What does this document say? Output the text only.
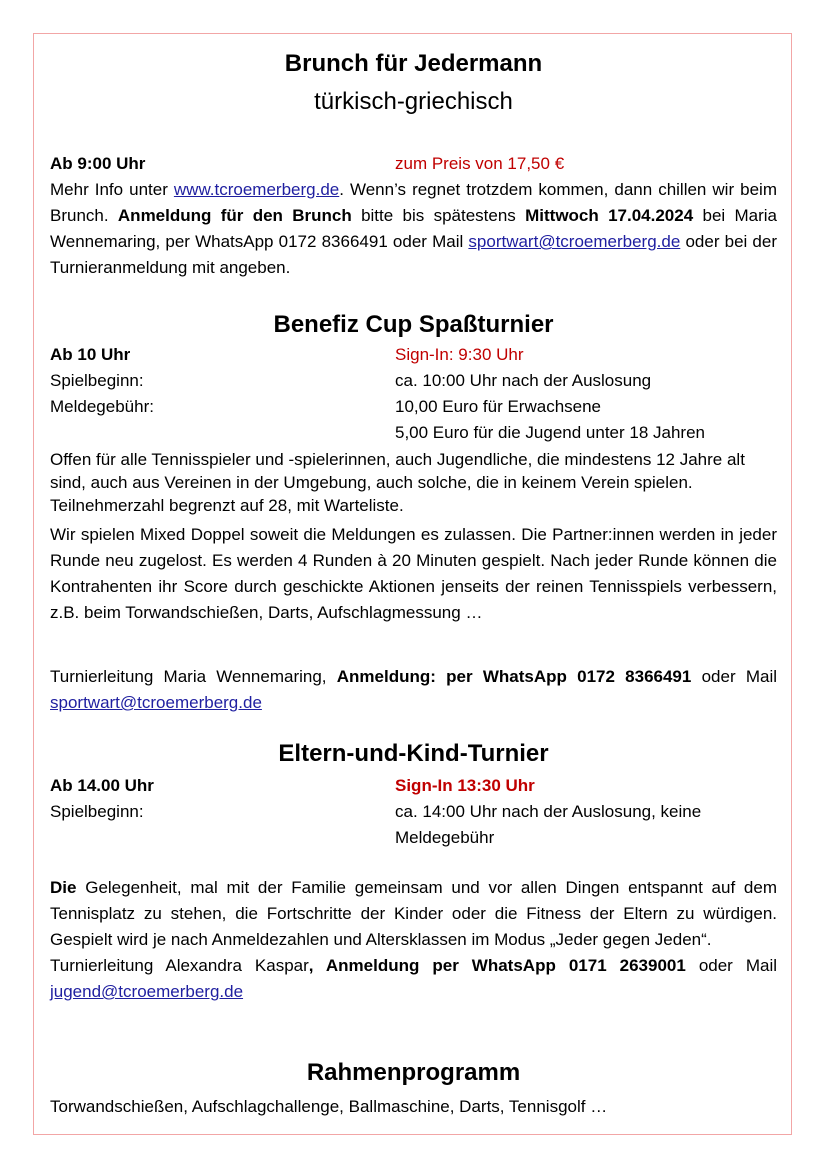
Brunch für Jedermann
türkisch-griechisch
Ab 9:00 Uhr	zum Preis von 17,50 €
Mehr Info unter www.tcroemerberg.de. Wenn’s regnet trotzdem kommen, dann chillen wir beim Brunch. Anmeldung für den Brunch bitte bis spätestens Mittwoch 17.04.2024 bei Maria Wennemaring, per WhatsApp 0172 8366491 oder Mail sportwart@tcroemerberg.de oder bei der Turnieranmeldung mit angeben.
Benefiz Cup Spaßturnier
Ab 10 Uhr	Sign-In: 9:30 Uhr
Spielbeginn:	ca. 10:00 Uhr nach der Auslosung
Meldegebühr:	10,00 Euro für Erwachsene
5,00 Euro für die Jugend unter 18 Jahren
Offen für alle Tennisspieler und -spielerinnen, auch Jugendliche, die mindestens 12 Jahre alt sind, auch aus Vereinen in der Umgebung, auch solche, die in keinem Verein spielen. Teilnehmerzahl begrenzt auf 28, mit Warteliste.
Wir spielen Mixed Doppel soweit die Meldungen es zulassen. Die Partner:innen werden in jeder Runde neu zugelost. Es werden 4 Runden à 20 Minuten gespielt. Nach jeder Runde können die Kontrahenten ihr Score durch geschickte Aktionen jenseits der reinen Tennisspiels verbessern, z.B. beim Torwandschießen, Darts, Aufschlagmessung …
Turnierleitung Maria Wennemaring, Anmeldung: per WhatsApp 0172 8366491 oder Mail sportwart@tcroemerberg.de
Eltern-und-Kind-Turnier
Ab 14.00 Uhr	Sign-In 13:30 Uhr
Spielbeginn:	ca. 14:00 Uhr nach der Auslosung, keine
Meldegebühr
Die Gelegenheit, mal mit der Familie gemeinsam und vor allen Dingen entspannt auf dem Tennisplatz zu stehen, die Fortschritte der Kinder oder die Fitness der Eltern zu würdigen. Gespielt wird je nach Anmeldezahlen und Altersklassen im Modus „Jeder gegen Jeden“.
Turnierleitung Alexandra Kaspar, Anmeldung per WhatsApp 0171 2639001 oder Mail jugend@tcroemerberg.de
Rahmenprogramm
Torwandschießen, Aufschlagchallenge, Ballmaschine, Darts, Tennisgolf …
